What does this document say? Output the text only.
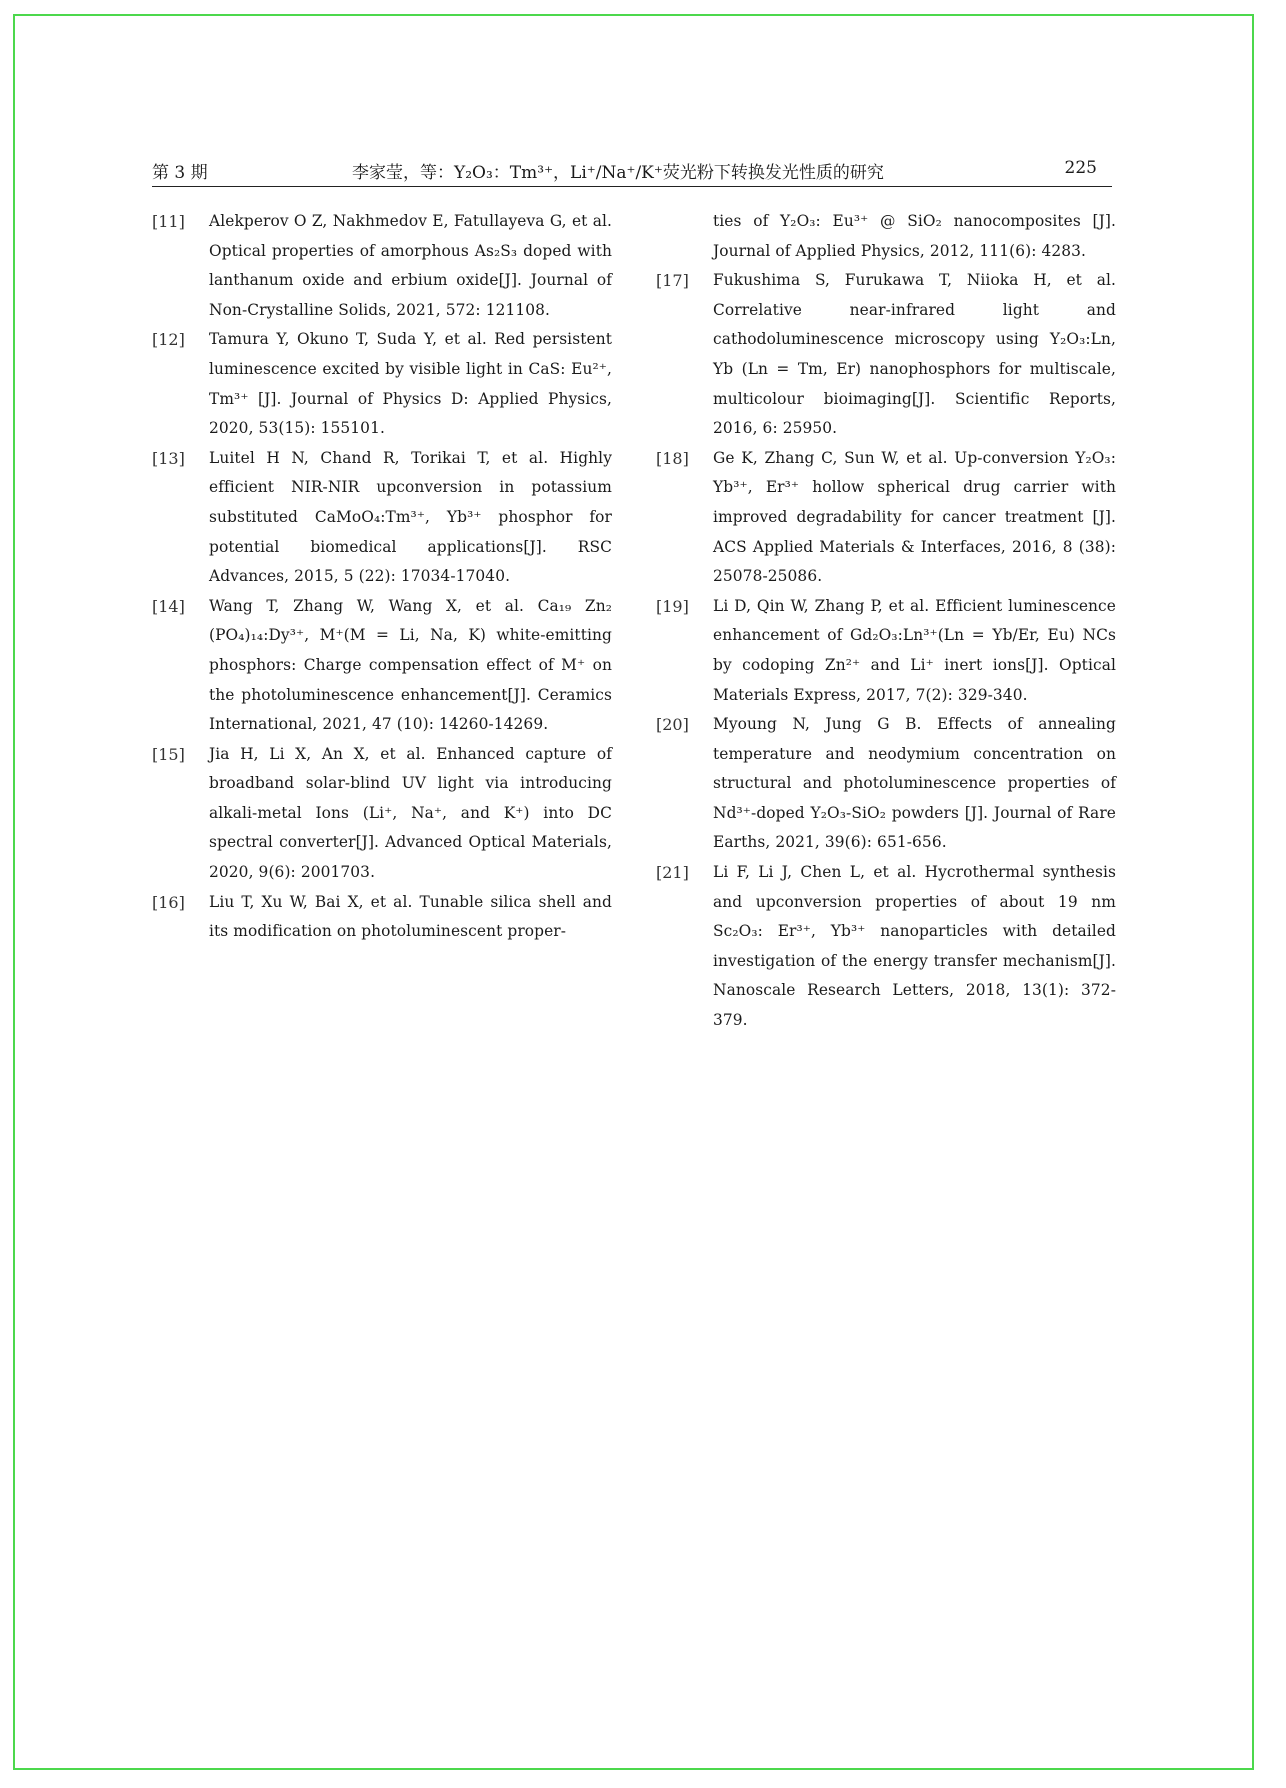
第 3 期	李家莹，等：Y₂O₃：Tm³⁺，Li⁺/Na⁺/K⁺荧光粉下转换发光性质的研究	225
[11] Alekperov O Z, Nakhmedov E, Fatullayeva G, et al. Optical properties of amorphous As₂S₃ doped with lanthanum oxide and erbium oxide[J]. Journal of Non-Crystalline Solids, 2021, 572: 121108.
[12] Tamura Y, Okuno T, Suda Y, et al. Red persistent luminescence excited by visible light in CaS: Eu²⁺, Tm³⁺ [J]. Journal of Physics D: Applied Physics, 2020, 53(15): 155101.
[13] Luitel H N, Chand R, Torikai T, et al. Highly efficient NIR-NIR upconversion in potassium substituted CaMoO₄:Tm³⁺, Yb³⁺ phosphor for potential biomedical applications[J]. RSC Advances, 2015, 5 (22): 17034-17040.
[14] Wang T, Zhang W, Wang X, et al. Ca₁₉ Zn₂ (PO₄)₁₄:Dy³⁺, M⁺(M = Li, Na, K) white-emitting phosphors: Charge compensation effect of M⁺ on the photoluminescence enhancement[J]. Ceramics International, 2021, 47 (10): 14260-14269.
[15] Jia H, Li X, An X, et al. Enhanced capture of broadband solar-blind UV light via introducing alkali-metal Ions (Li⁺, Na⁺, and K⁺) into DC spectral converter[J]. Advanced Optical Materials, 2020, 9(6): 2001703.
[16] Liu T, Xu W, Bai X, et al. Tunable silica shell and its modification on photoluminescent proper-
ties of Y₂O₃: Eu³⁺ @ SiO₂ nanocomposites [J]. Journal of Applied Physics, 2012, 111(6): 4283.
[17] Fukushima S, Furukawa T, Niioka H, et al. Correlative near-infrared light and cathodoluminescence microscopy using Y₂O₃:Ln, Yb (Ln = Tm, Er) nanophosphors for multiscale, multicolour bioimaging[J]. Scientific Reports, 2016, 6: 25950.
[18] Ge K, Zhang C, Sun W, et al. Up-conversion Y₂O₃: Yb³⁺, Er³⁺ hollow spherical drug carrier with improved degradability for cancer treatment [J]. ACS Applied Materials & Interfaces, 2016, 8 (38): 25078-25086.
[19] Li D, Qin W, Zhang P, et al. Efficient luminescence enhancement of Gd₂O₃:Ln³⁺(Ln = Yb/Er, Eu) NCs by codoping Zn²⁺ and Li⁺ inert ions[J]. Optical Materials Express, 2017, 7(2): 329-340.
[20] Myoung N, Jung G B. Effects of annealing temperature and neodymium concentration on structural and photoluminescence properties of Nd³⁺-doped Y₂O₃-SiO₂ powders [J]. Journal of Rare Earths, 2021, 39(6): 651-656.
[21] Li F, Li J, Chen L, et al. Hycrothermal synthesis and upconversion properties of about 19 nm Sc₂O₃: Er³⁺, Yb³⁺ nanoparticles with detailed investigation of the energy transfer mechanism[J]. Nanoscale Research Letters, 2018, 13(1): 372-379.
